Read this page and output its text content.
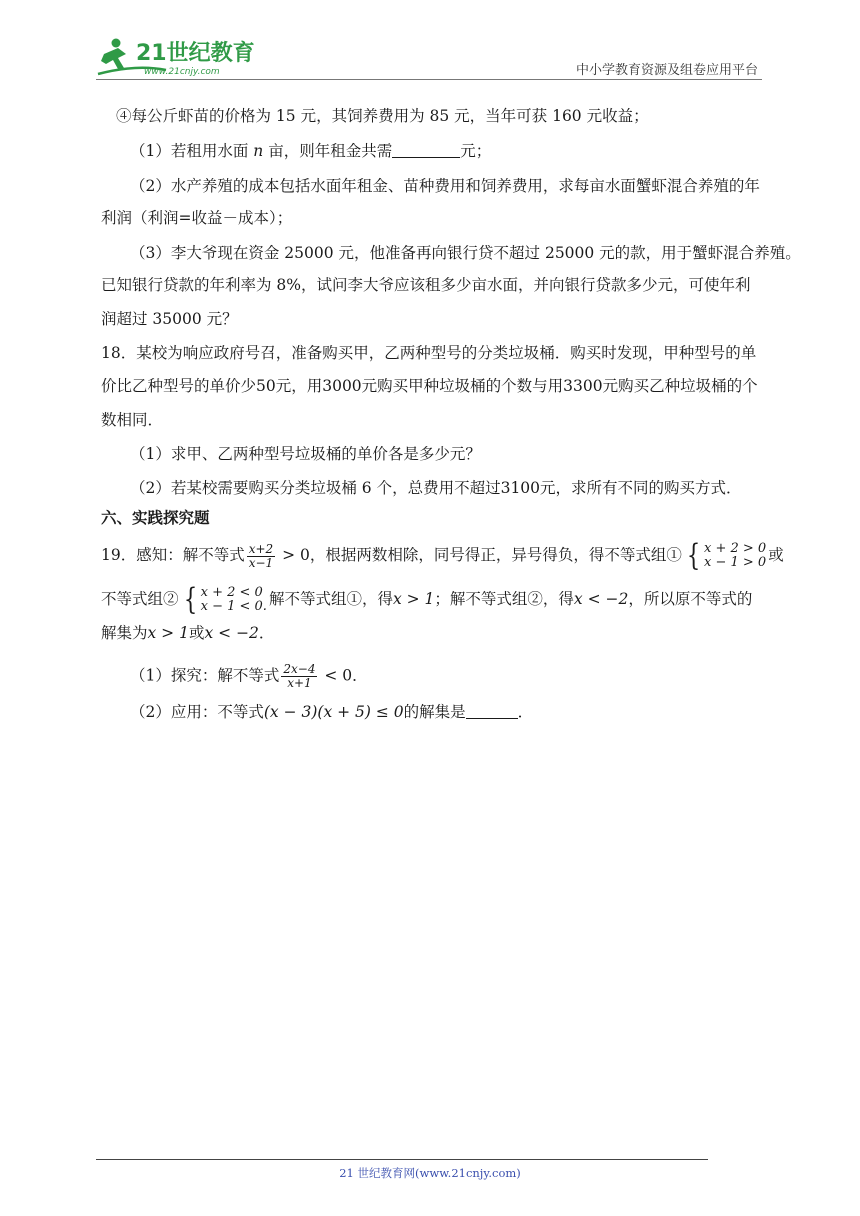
21世纪教育
www.21cnjy.com	中小学教育资源及组卷应用平台
④每公斤虾苗的价格为 15 元，其饲养费用为 85 元，当年可获 160 元收益；
（1）若租用水面 n 亩，则年租金共需	元；
（2）水产养殖的成本包括水面年租金、苗种费用和饲养费用，求每亩水面蟹虾混合养殖的年
利润（利润=收益－成本）；
（3）李大爷现在资金 25000 元，他准备再向银行贷不超过 25000 元的款，用于蟹虾混合养殖。
已知银行贷款的年利率为 8%，试问李大爷应该租多少亩水面，并向银行贷款多少元，可使年利
润超过 35000 元？
18．某校为响应政府号召，准备购买甲，乙两种型号的分类垃圾桶．购买时发现，甲种型号的单
价比乙种型号的单价少50元，用3000元购买甲种垃圾桶的个数与用3300元购买乙种垃圾桶的个
数相同．
（1）求甲、乙两种型号垃圾桶的单价各是多少元？
（2）若某校需要购买分类垃圾桶 6 个，总费用不超过3100元，求所有不同的购买方式．
六、实践探究题
19．感知：解不等式 $\frac{x+2}{x-1} > 0$，根据两数相除，同号得正，异号得负，得不等式组① { x + 2 > 0
x − 1 > 0 或
不等式组② { x + 2 < 0
x − 1 < 0. 解不等式组①，得x > 1；解不等式组②，得x < −2，所以原不等式的
解集为x > 1或x < −2．
（1）探究：解不等式 $\frac{2x-4}{x+1} < 0$．
（2）应用：不等式(x − 3)(x + 5) ≤ 0的解集是	．
21 世纪教育网(www.21cnjy.com)
